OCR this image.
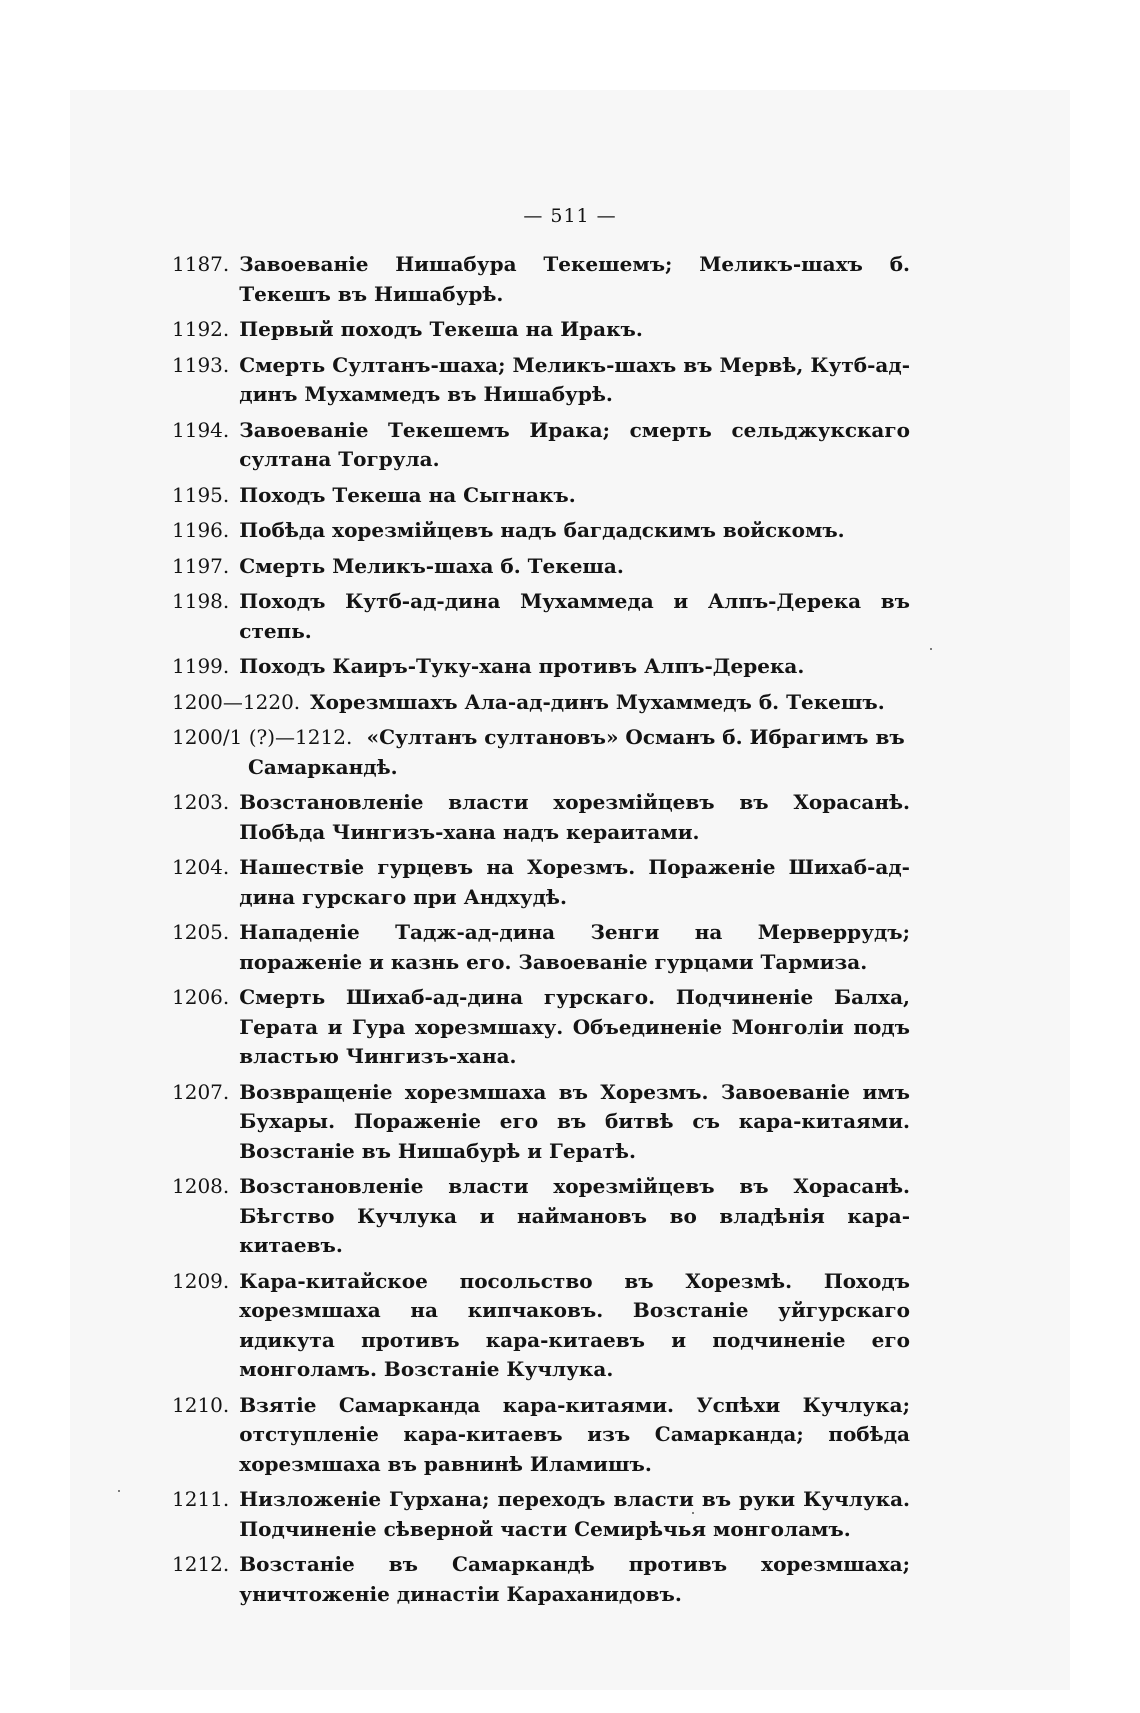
— 511 —
1187. Завоеваніе Нишабура Текешемъ; Меликъ-шахъ б. Текешъ въ Нишабурѣ.
1192. Первый походъ Текеша на Иракъ.
1193. Смерть Султанъ-шаха; Меликъ-шахъ въ Мервѣ, Кутб-ад-динъ Мухаммедъ въ Нишабурѣ.
1194. Завоеваніе Текешемъ Ирака; смерть сельджукскаго султана Тогрула.
1195. Походъ Текеша на Сыгнакъ.
1196. Побѣда хорезмійцевъ надъ багдадскимъ войскомъ.
1197. Смерть Меликъ-шаха б. Текеша.
1198. Походъ Кутб-ад-дина Мухаммеда и Алпъ-Дерека въ степь.
1199. Походъ Каиръ-Туку-хана противъ Алпъ-Дерека.
1200—1220. Хорезмшахъ Ала-ад-динъ Мухаммедъ б. Текешъ.
1200/1 (?)—1212. «Султанъ султановъ» Османъ б. Ибрагимъ въ
Самаркандѣ.
1203. Возстановленіе власти хорезмійцевъ въ Хорасанѣ. Побѣда Чингизъ-хана надъ кераитами.
1204. Нашествіе гурцевъ на Хорезмъ. Пораженіе Шихаб-ад-дина гурскаго при Андхудѣ.
1205. Нападеніе Тадж-ад-дина Зенги на Мерверрудъ; пораженіе и казнь его. Завоеваніе гурцами Тармиза.
1206. Смерть Шихаб-ад-дина гурскаго. Подчиненіе Балха, Герата и Гура хорезмшаху. Объединеніе Монголіи подъ властью Чингизъ-хана.
1207. Возвращеніе хорезмшаха въ Хорезмъ. Завоеваніе имъ Бухары. Пораженіе его въ битвѣ съ кара-китаями. Возстаніе въ Нишабурѣ и Гератѣ.
1208. Возстановленіе власти хорезмійцевъ въ Хорасанѣ. Бѣгство Кучлука и наймановъ во владѣнія кара-китаевъ.
1209. Кара-китайское посольство въ Хорезмѣ. Походъ хорезмшаха на кипчаковъ. Возстаніе уйгурскаго идикута противъ кара-китаевъ и подчиненіе его монголамъ. Возстаніе Кучлука.
1210. Взятіе Самарканда кара-китаями. Успѣхи Кучлука; отступленіе кара-китаевъ изъ Самарканда; побѣда хорезмшаха въ равнинѣ Иламишъ.
1211. Низложеніе Гурхана; переходъ власти въ руки Кучлука. Подчиненіе сѣверной части Семирѣчья монголамъ.
1212. Возстаніе въ Самаркандѣ противъ хорезмшаха; уничтоженіе династіи Караханидовъ.
